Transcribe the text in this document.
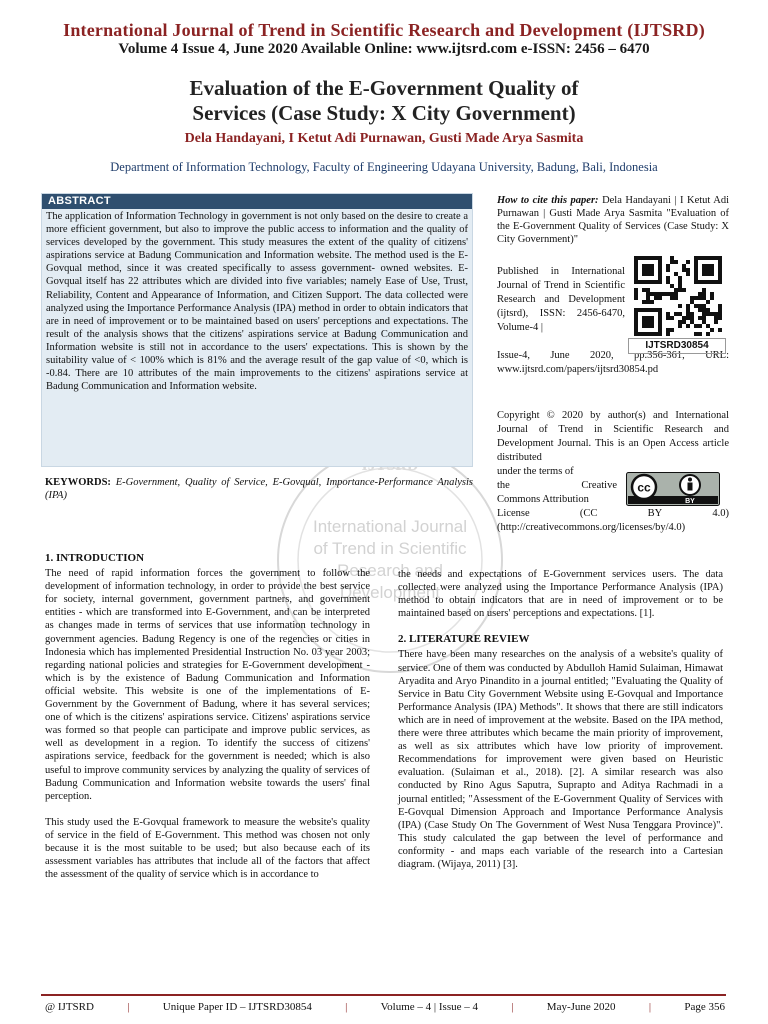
International Journal of Trend in Scientific Research and Development (IJTSRD)
Volume 4 Issue 4, June 2020 Available Online: www.ijtsrd.com e-ISSN: 2456 – 6470
Evaluation of the E-Government Quality of
Services (Case Study: X City Government)
Dela Handayani, I Ketut Adi Purnawan, Gusti Made Arya Sasmita
Department of Information Technology, Faculty of Engineering Udayana University, Badung, Bali, Indonesia
International Journal
of Trend in Scientific
Research and
Development
ABSTRACT
The application of Information Technology in government is not only based on the desire to create a more efficient government, but also to improve the public access to information and the quality of services developed by the government. This study measures the extent of the quality of citizens' aspirations service at Badung Communication and Information website. The method used is the E-Govqual method, since it was created specifically to assess government- owned websites. E-Govqual itself has 22 attributes which are divided into five variables; namely Ease of Use, Trust, Reliability, Content and Appearance of Information, and Citizen Support. The data collected were analyzed using the Importance Performance Analysis (IPA) method in order to obtain indicators that are in need of improvement or to be maintained based on users' perceptions and expectations. The result of the analysis shows that the citizens' aspirations service at Badung Communication and Information website is still not in accordance to the users' expectations. This is shown by the suitability value of < 100% which is 81% and the average result of the gap value of <0, which is -0.84. There are 10 attributes of the main improvements to the citizens' aspirations service at Badung Communication and Information website.
KEYWORDS: E-Government, Quality of Service, E-Govqual, Importance-Performance Analysis (IPA)
How to cite this paper: Dela Handayani | I Ketut Adi Purnawan | Gusti Made Arya Sasmita "Evaluation of the E-Government Quality of Services (Case Study: X City Government)"
Published in International Journal of Trend in Scientific Research and Development (ijtsrd), ISSN: 2456-6470, Volume-4 |
Issue-4, June 2020, pp.356-361, URL: www.ijtsrd.com/papers/ijtsrd30854.pd
IJTSRD30854
Copyright © 2020 by author(s) and International Journal of Trend in Scientific Research and Development Journal. This is an Open Access article distributed
under the terms of
the	Creative
Commons Attribution
License	(CC	BY	4.0)
(http://creativecommons.org/licenses/by/4.0)
cc
BY
1. INTRODUCTION

The need of rapid information forces the government to follow the development of information technology, in order to provide the best service for society, internal government, government partners, and government entities - which are transformed into E-Government, and can be interpreted as changes made in terms of services that use information technology in government agencies. Badung Regency is one of the regencies or cities in Indonesia which has implemented Presidential Instruction No. 03 year 2003; regarding national policies and strategies for E-Government development - which is by the existence of Badung Communication and Information official website. This website is one of the implementations of E-Government by the Government of Badung, where it has several services; one of which is the citizens' aspirations service. Citizens' aspirations service was formed so that people can participate and improve public services, as well as development in a region. To identify the success of citizens' aspirations service, feedback for the government is needed; which is also useful to improve community services by analyzing the quality of services of Badung Communication and Information website towards the users' final perception.

This study used the E-Govqual framework to measure the website's quality of service in the field of E-Government. This method was chosen not only because it is the most suitable to be used; but also because each of its assessment variables has attributes that include all of the factors that affect the assessment of the quality of service which is in accordance to

the needs and expectations of E-Government services users. The data collected were analyzed using the Importance Performance Analysis (IPA) method to obtain indicators that are in need of improvement or to be maintained based on users' perceptions and expectations. [1].

2. LITERATURE REVIEW

There have been many researches on the analysis of a website's quality of service. One of them was conducted by Abdulloh Hamid Sulaiman, Himawat Aryadita and Aryo Pinandito in a journal entitled; "Evaluating the Quality of Service in Batu City Government Website using E-Govqual and Importance Performance Analysis (IPA) Methods". It shows that there are still indicators which are in need of improvement at the website. Based on the IPA method, there were three attributes which became the main priority of improvement, as well as six attributes which have low priority of improvement. Recommendations for improvement were given based on Heuristic evaluation. (Sulaiman et al., 2018). [2]. A similar research was also conducted by Rino Agus Saputra, Suprapto and Aditya Rachmadi in a journal entitled; "Assessment of the E-Government Quality of Services with E-Govqual Dimension Approach and Importance Performance Analysis (IPA) (Case Study On The Government of West Nusa Tenggara Province)". This study calculated the gap between the level of performance and conformity - and maps each variable of the research into a Cartesian diagram. (Wijaya, 2011) [3].

@ IJTSRD	|	Unique Paper ID – IJTSRD30854	|	Volume – 4 | Issue – 4	|	May-June 2020	|	Page 356
